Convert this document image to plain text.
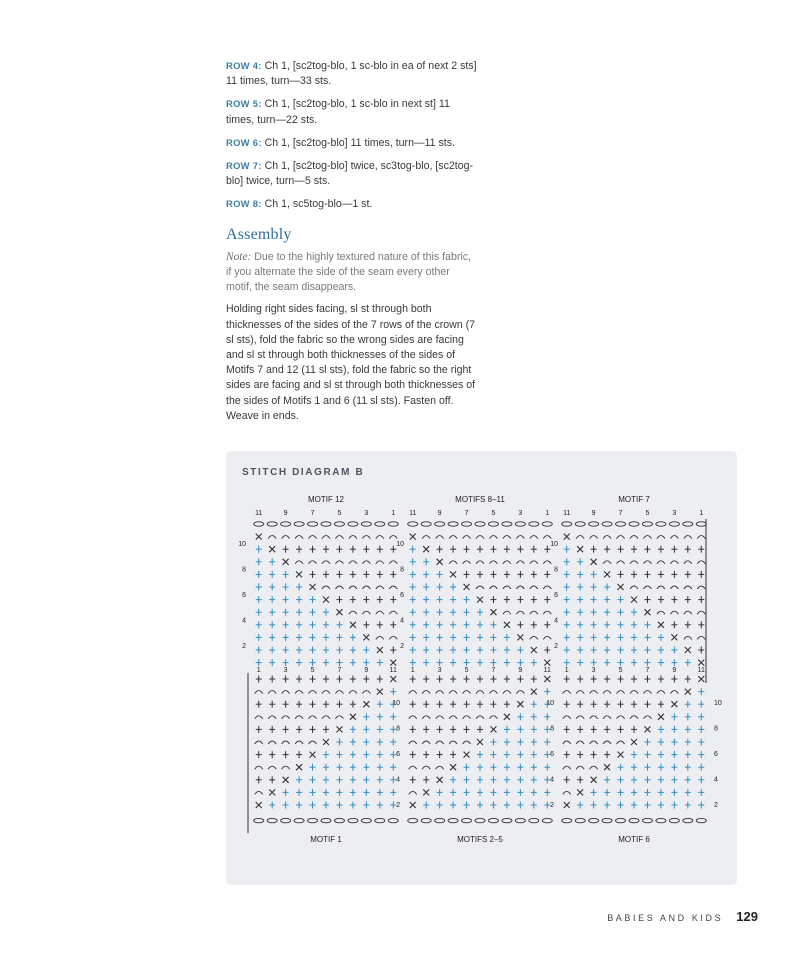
ROW 4: Ch 1, [sc2tog-blo, 1 sc-blo in ea of next 2 sts] 11 times, turn—33 sts.

ROW 5: Ch 1, [sc2tog-blo, 1 sc-blo in next st] 11 times, turn—22 sts.

ROW 6: Ch 1, [sc2tog-blo] 11 times, turn—11 sts.

ROW 7: Ch 1, [sc2tog-blo] twice, sc3tog-blo, [sc2tog-blo] twice, turn—5 sts.

ROW 8: Ch 1, sc5tog-blo—1 st.

Assembly

Note: Due to the highly textured nature of this fabric, if you alternate the side of the seam every other motif, the seam disappears.

Holding right sides facing, sl st through both thicknesses of the sides of the 7 rows of the crown (7 sl sts), fold the fabric so the wrong sides are facing and sl st through both thicknesses of the sides of Motifs 7 and 12 (11 sl sts), fold the fabric so the right sides are facing and sl st through both thicknesses of the sides of Motifs 1 and 6 (11 sl sts). Fasten off. Weave in ends.

STITCH DIAGRAM B
MOTIF 12	MOTIFS 8–11	MOTIF 7
MOTIF 1	MOTIFS 2–5	MOTIF 6
11	9	7	5	3	1
1	3	5	7	9	11
11	9	7	5	3	1
1	3	5	7	9	11
11	9	7	5	3	1
1	3	5	7	9	11
10	10	10
8	8	8
6	6	6
4	4	4
2	2	2
10	10	10
8	8	8
6	6	6
4	4	4
2	2	2
BABIES AND KIDS 129
